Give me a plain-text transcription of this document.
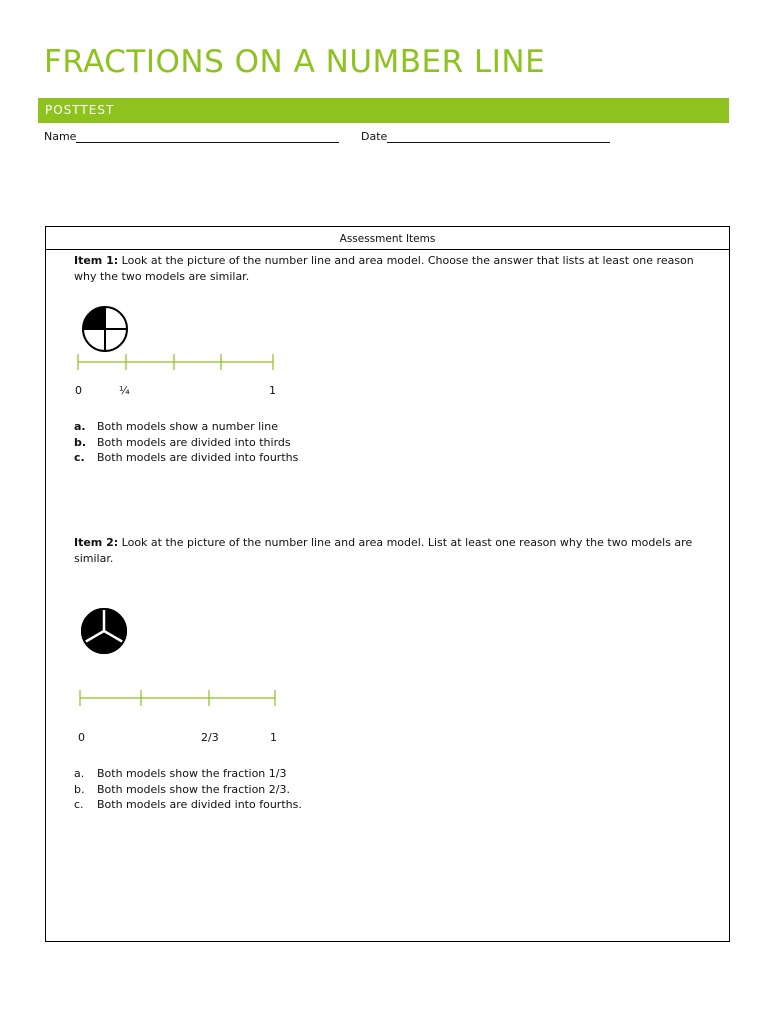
FRACTIONS ON A NUMBER LINE
POSTTEST
Name	Date
Assessment Items
Item 1: Look at the picture of the number line and area model. Choose the answer that lists at least one reason why the two models are similar.
0	¼	1
a. Both models show a number line
b. Both models are divided into thirds
c. Both models are divided into fourths
Item 2: Look at the picture of the number line and area model. List at least one reason why the two models are similar.
0	2/3	1
a. Both models show the fraction 1/3
b. Both models show the fraction 2/3.
c. Both models are divided into fourths.
